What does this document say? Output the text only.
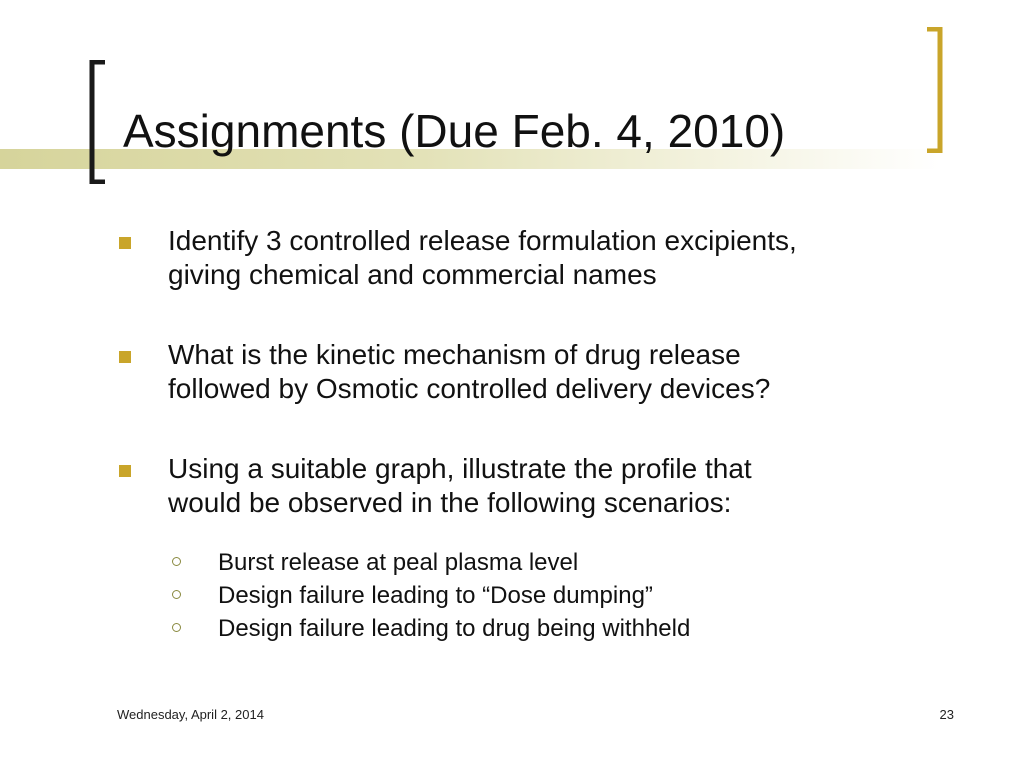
Assignments (Due Feb. 4, 2010)
Identify 3 controlled release formulation excipients,
giving chemical and commercial names
What is the kinetic mechanism of drug release
followed by Osmotic controlled delivery devices?
Using a suitable graph, illustrate the profile that
would be observed in the following scenarios:
Burst release at peal plasma level
Design failure leading to “Dose dumping”
Design failure leading to drug being withheld
Wednesday, April 2, 2014	23
